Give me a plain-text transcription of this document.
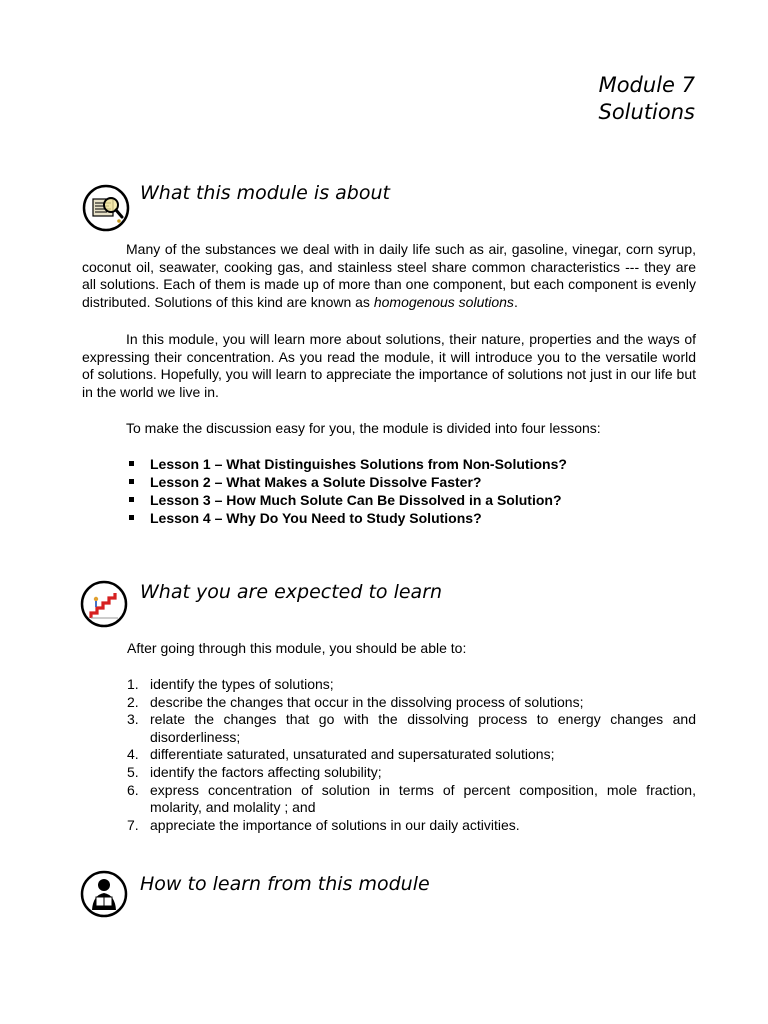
Module 7
Solutions
What this module is about

Many of the substances we deal with in daily life such as air, gasoline, vinegar, corn syrup, coconut oil, seawater, cooking gas, and stainless steel share common characteristics --- they are all solutions. Each of them is made up of more than one component, but each component is evenly distributed. Solutions of this kind are known as homogenous solutions.

In this module, you will learn more about solutions, their nature, properties and the ways of expressing their concentration. As you read the module, it will introduce you to the versatile world of solutions. Hopefully, you will learn to appreciate the importance of solutions not just in our life but in the world we live in.

To make the discussion easy for you, the module is divided into four lessons:

Lesson 1 – What Distinguishes Solutions from Non-Solutions?
Lesson 2 – What Makes a Solute Dissolve Faster?
Lesson 3 – How Much Solute Can Be Dissolved in a Solution?
Lesson 4 – Why Do You Need to Study Solutions?
What you are expected to learn

After going through this module, you should be able to:

1. identify the types of solutions;
2. describe the changes that occur in the dissolving process of solutions;
3. relate the changes that go with the dissolving process to energy changes and disorderliness;
4. differentiate saturated, unsaturated and supersaturated solutions;
5. identify the factors affecting solubility;
6. express concentration of solution in terms of percent composition, mole fraction, molarity, and molality ; and
7. appreciate the importance of solutions in our daily activities.
How to learn from this module
